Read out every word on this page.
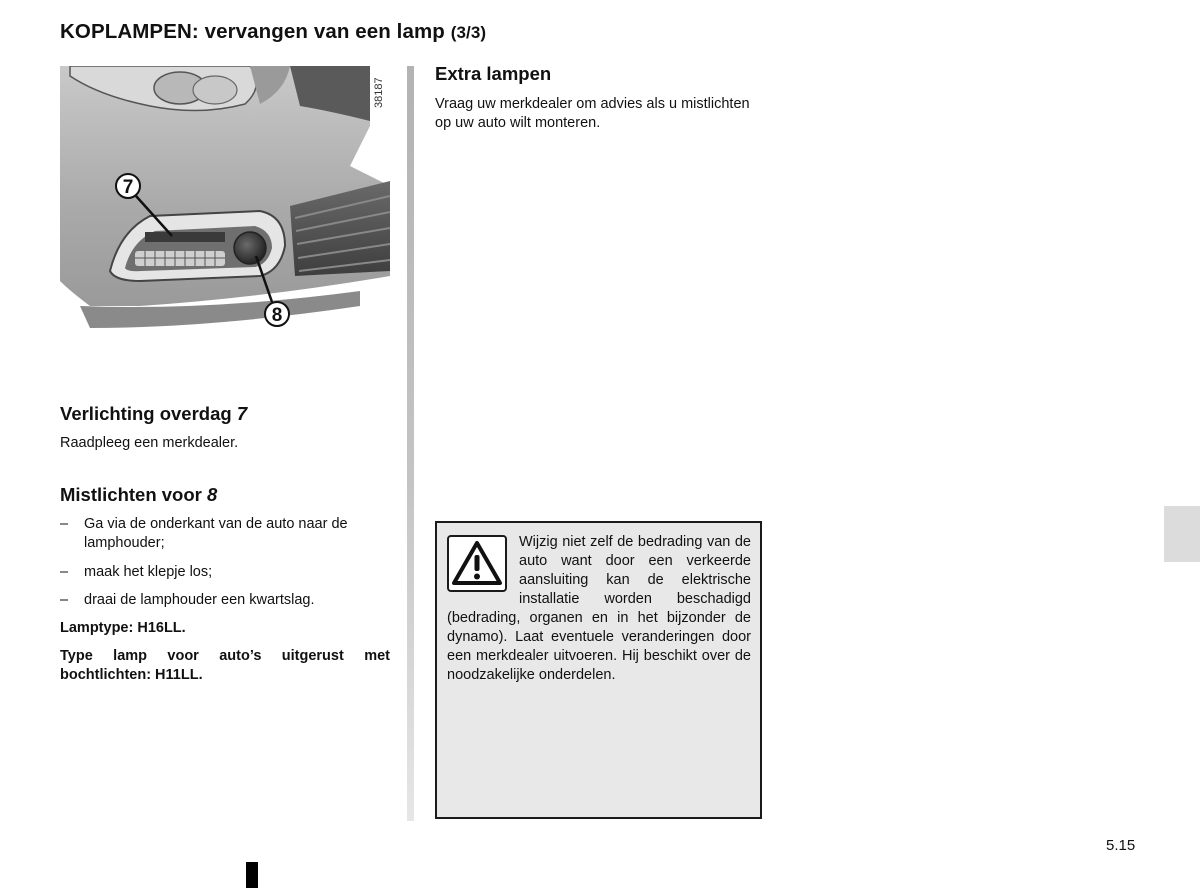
KOPLAMPEN: vervangen van een lamp (3/3)
38187
7
8
Verlichting overdag 7
Raadpleeg een merkdealer.
Mistlichten voor 8
– Ga via de onderkant van de auto naar de lamphouder;
– maak het klepje los;
– draai de lamphouder een kwartslag.
Lamptype: H16LL.
Type lamp voor auto’s uitgerust met bochtlichten: H11LL.
Extra lampen
Vraag uw merkdealer om advies als u mistlichten op uw auto wilt monteren.
Wijzig niet zelf de bedrading van de auto want door een verkeerde aansluiting kan de elektrische installatie worden beschadigd (bedrading, organen en in het bijzonder de dynamo). Laat eventuele veranderingen door een merkdealer uitvoeren. Hij beschikt over de noodzakelijke onderdelen.
5.15
